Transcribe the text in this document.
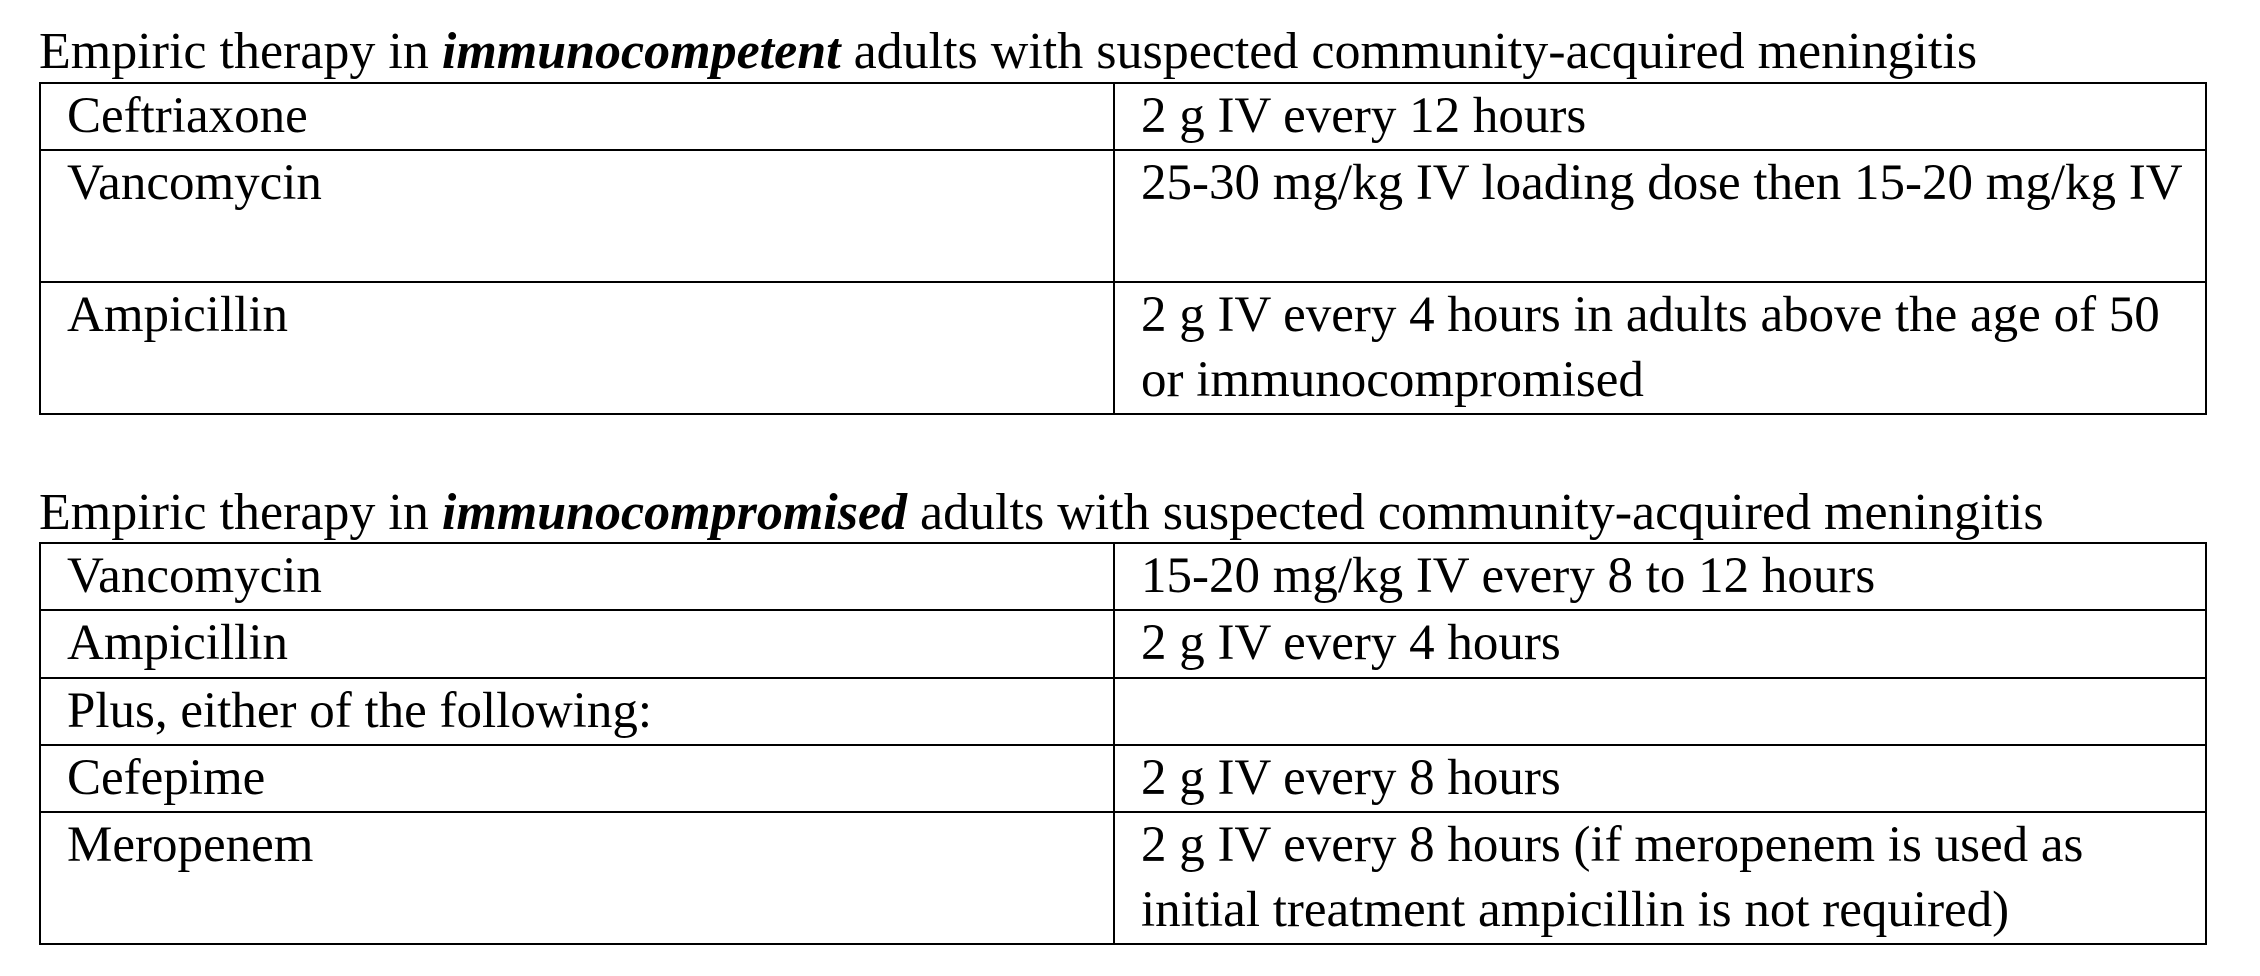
Empiric therapy in immunocompetent adults with suspected community-acquired meningitis
Ceftriaxone	2 g IV every 12 hours
Vancomycin	25-30 mg/kg IV loading dose then 15-20 mg/kg IV
Ampicillin	2 g IV every 4 hours in adults above the age of 50 or immunocompromised
Empiric therapy in immunocompromised adults with suspected community-acquired meningitis
Vancomycin	15-20 mg/kg IV every 8 to 12 hours
Ampicillin	2 g IV every 4 hours
Plus, either of the following:	
Cefepime	2 g IV every 8 hours
Meropenem	2 g IV every 8 hours (if meropenem is used as initial treatment ampicillin is not required)
